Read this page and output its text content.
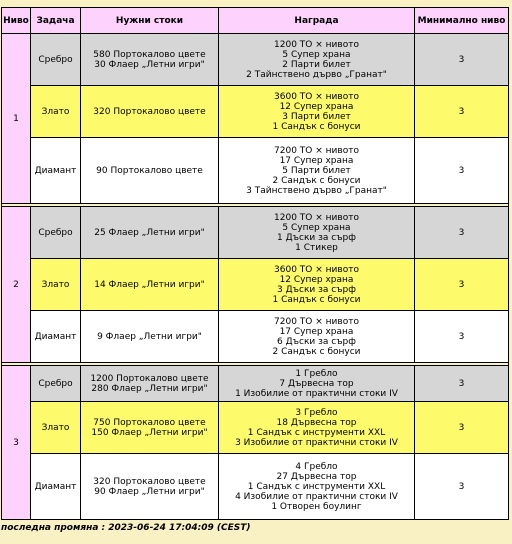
Ниво	Задача	Нужни стоки	Награда	Минимално ниво
1	Сребро	580 Портокалово цвете
30 Флаер „Летни игри"	1200 ТО × нивото
5 Супер храна
2 Парти билет
2 Тайнствено дърво „Гранат"	3
	Злато	320 Портокалово цвете	3600 ТО × нивото
12 Супер храна
3 Парти билет
1 Сандък с бонуси	3
	Диамант	90 Портокалово цвете	7200 ТО × нивото
17 Супер храна
5 Парти билет
2 Сандък с бонуси
3 Тайнствено дърво „Гранат"	3

2	Сребро	25 Флаер „Летни игри"	1200 ТО × нивото
5 Супер храна
1 Дъски за сърф
1 Стикер	3
	Злато	14 Флаер „Летни игри"	3600 ТО × нивото
12 Супер храна
3 Дъски за сърф
1 Сандък с бонуси	3
	Диамант	9 Флаер „Летни игри"	7200 ТО × нивото
17 Супер храна
6 Дъски за сърф
2 Сандък с бонуси	3

3	Сребро	1200 Портокалово цвете
280 Флаер „Летни игри"	1 Гребло
7 Дървесна тор
1 Изобилие от практични стоки IV	3
	Злато	750 Портокалово цвете
150 Флаер „Летни игри"	3 Гребло
18 Дървесна тор
1 Сандък с инструменти XXL
3 Изобилие от практични стоки IV	3
	Диамант	320 Портокалово цвете
90 Флаер „Летни игри"	4 Гребло
27 Дървесна тор
1 Сандък с инструменти XXL
4 Изобилие от практични стоки IV
1 Отворен боулинг	3
последна промяна : 2023-06-24 17:04:09 (CEST)
